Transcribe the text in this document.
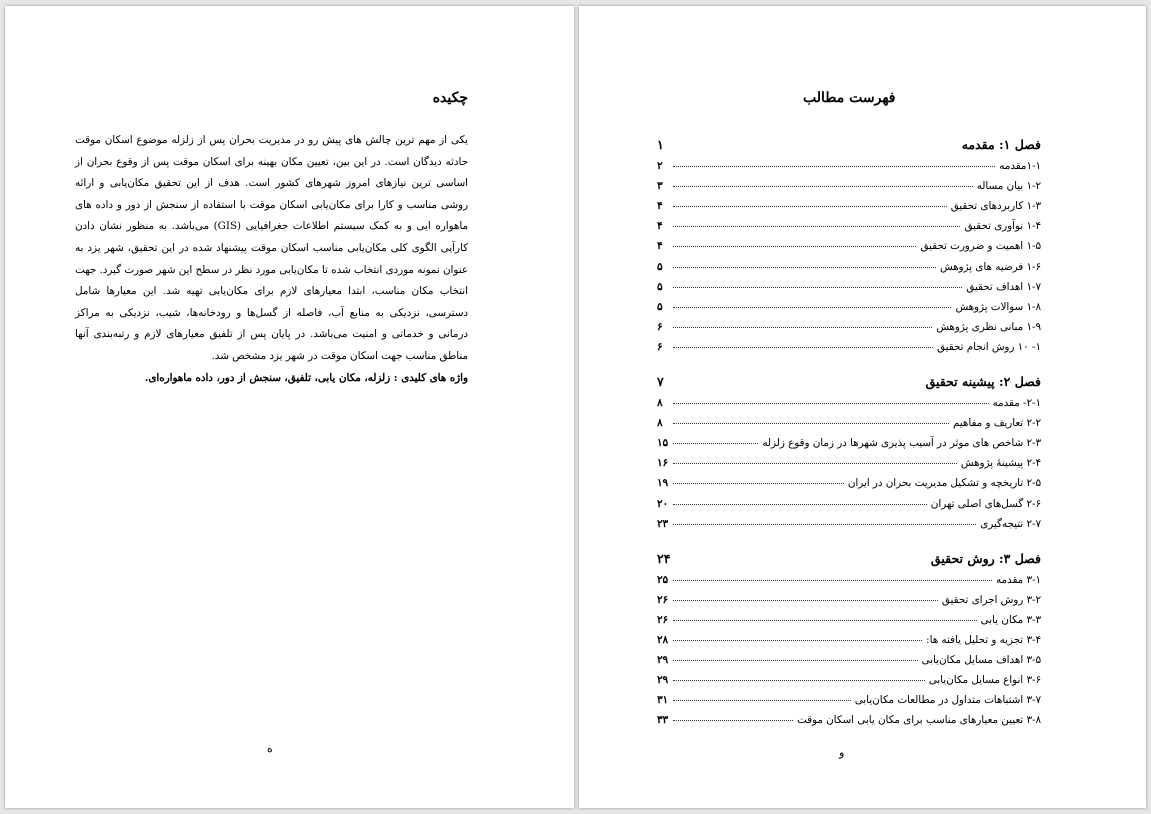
چکیده
یکی از مهم ترین چالش های پیش رو در مدیریت بحران پس از زلزله موضوع اسکان موقت حادثه دیدگان است. در این بین، تعیین مکان بهینه برای اسکان موقت پس از وقوع بحران از اساسی ترین نیازهای امروز شهرهای کشور است. هدف از این تحقیق مکان‌یابی و ارائه روشی مناسب و کارا برای مکان‌یابی اسکان موقت با استفاده از سنجش از دور و داده های ماهواره ایی و به کمک سیستم اطلاعات جغرافیایی (GIS) می‌باشد. به منظور نشان دادن کارآیی الگوی کلی مکان‌یابی مناسب اسکان موقت پیشنهاد شده در این تحقیق، شهر یزد به عنوان نمونه موردی انتخاب شده تا مکان‌یابی مورد نظر در سطح این شهر صورت گیرد. جهت انتخاب مکان مناسب، ابتدا معیارهای لازم برای مکان‌یابی تهیه شد. این معیارها شامل دسترسی، نزدیکی به منابع آب، فاصله از گسل‌ها و رودخانه‌ها، شیب، نزدیکی به مراکز درمانی و خدماتی و امنیت می‌باشد. در پایان پس از تلفیق معیارهای لازم و رتبه‌بندی آنها مناطق مناسب جهت اسکان موقت در شهر یزد مشخص شد.
واژه های کلیدی : زلزله، مکان یابی، تلفیق، سنجش از دور، داده ماهواره‌ای.
ه
فهرست مطالب
فصل ۱: مقدمه
۱
۱-۱مقدمه
۲
۱-۲ بیان مساله
۳
۱-۳ کاربردهای تحقیق
۴
۱-۴ نوآوری تحقیق
۴
۱-۵ اهمیت و ضرورت تحقیق
۴
۱-۶ فرضیه های پژوهش
۵
۱-۷ اهداف تحقیق
۵
۱-۸ سوالات پژوهش
۵
۱-۹ مبانی نظری پژوهش
۶
۱- ۱۰ روش انجام تحقیق
۶
فصل ۲: پیشینه تحقیق
۷
۲-۱- مقدمه
۸
۲-۲ تعاریف و مفاهیم
۸
۲-۳ شاخص های موثر در آسیب پذیری شهرها در زمان وقوع زلزله
۱۵
۲-۴ پیشینۀ پژوهش
۱۶
۲-۵ تاریخچه و تشکیل مدیریت بحران در ایران
۱۹
۲-۶ گسل‌های اصلی تهران
۲۰
۲-۷ نتیجه‌گیری
۲۳
فصل ۳: روش تحقیق
۲۴
۳-۱ مقدمه
۲۵
۳-۲ روش اجرای تحقیق
۲۶
۳-۳ مکان یابی
۲۶
۳-۴ تجزیه و تحلیل یافته ها:
۲۸
۳-۵ اهداف مسایل مکان‌یابی
۲۹
۳-۶ انواع مسایل مکان‌یابی
۲۹
۳-۷ اشتباهات متداول در مطالعات مکان‌یابی
۳۱
۳-۸ تعیین معیارهای مناسب برای مکان یابی اسکان موقت
۳۳
و
